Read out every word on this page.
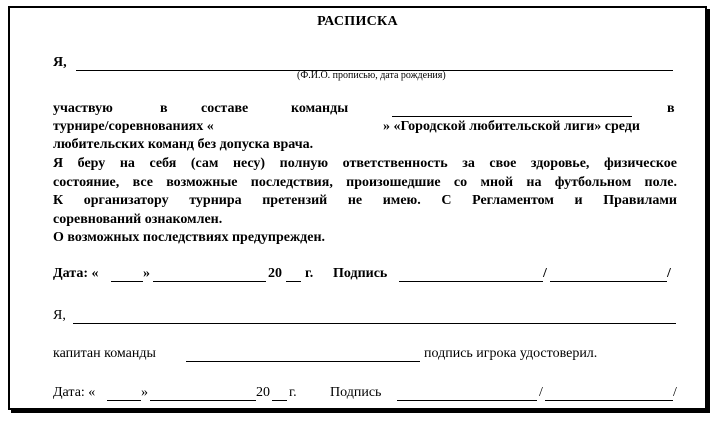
РАСПИСКА
Я,
(Ф.И.О. прописью, дата рождения)
участвую	в составе	команды	в
турнире/соревнованиях «	» «Городской любительской лиги» среди
любительских команд без допуска врача.

Я беру на себя (сам несу) полную ответственность за свое здоровье, физическое

состояние, все возможные последствия, произошедшие со мной на футбольном поле.

К организатору турнира претензий не имею. С Регламентом и Правилами

соревнований ознакомлен.

О возможных последствиях предупрежден.

Дата: «	»	20 г. Подпись	/	/
Я,
капитан команды	подпись игрока удостоверил.
Дата: «	»	20 г. Подпись	/	/
